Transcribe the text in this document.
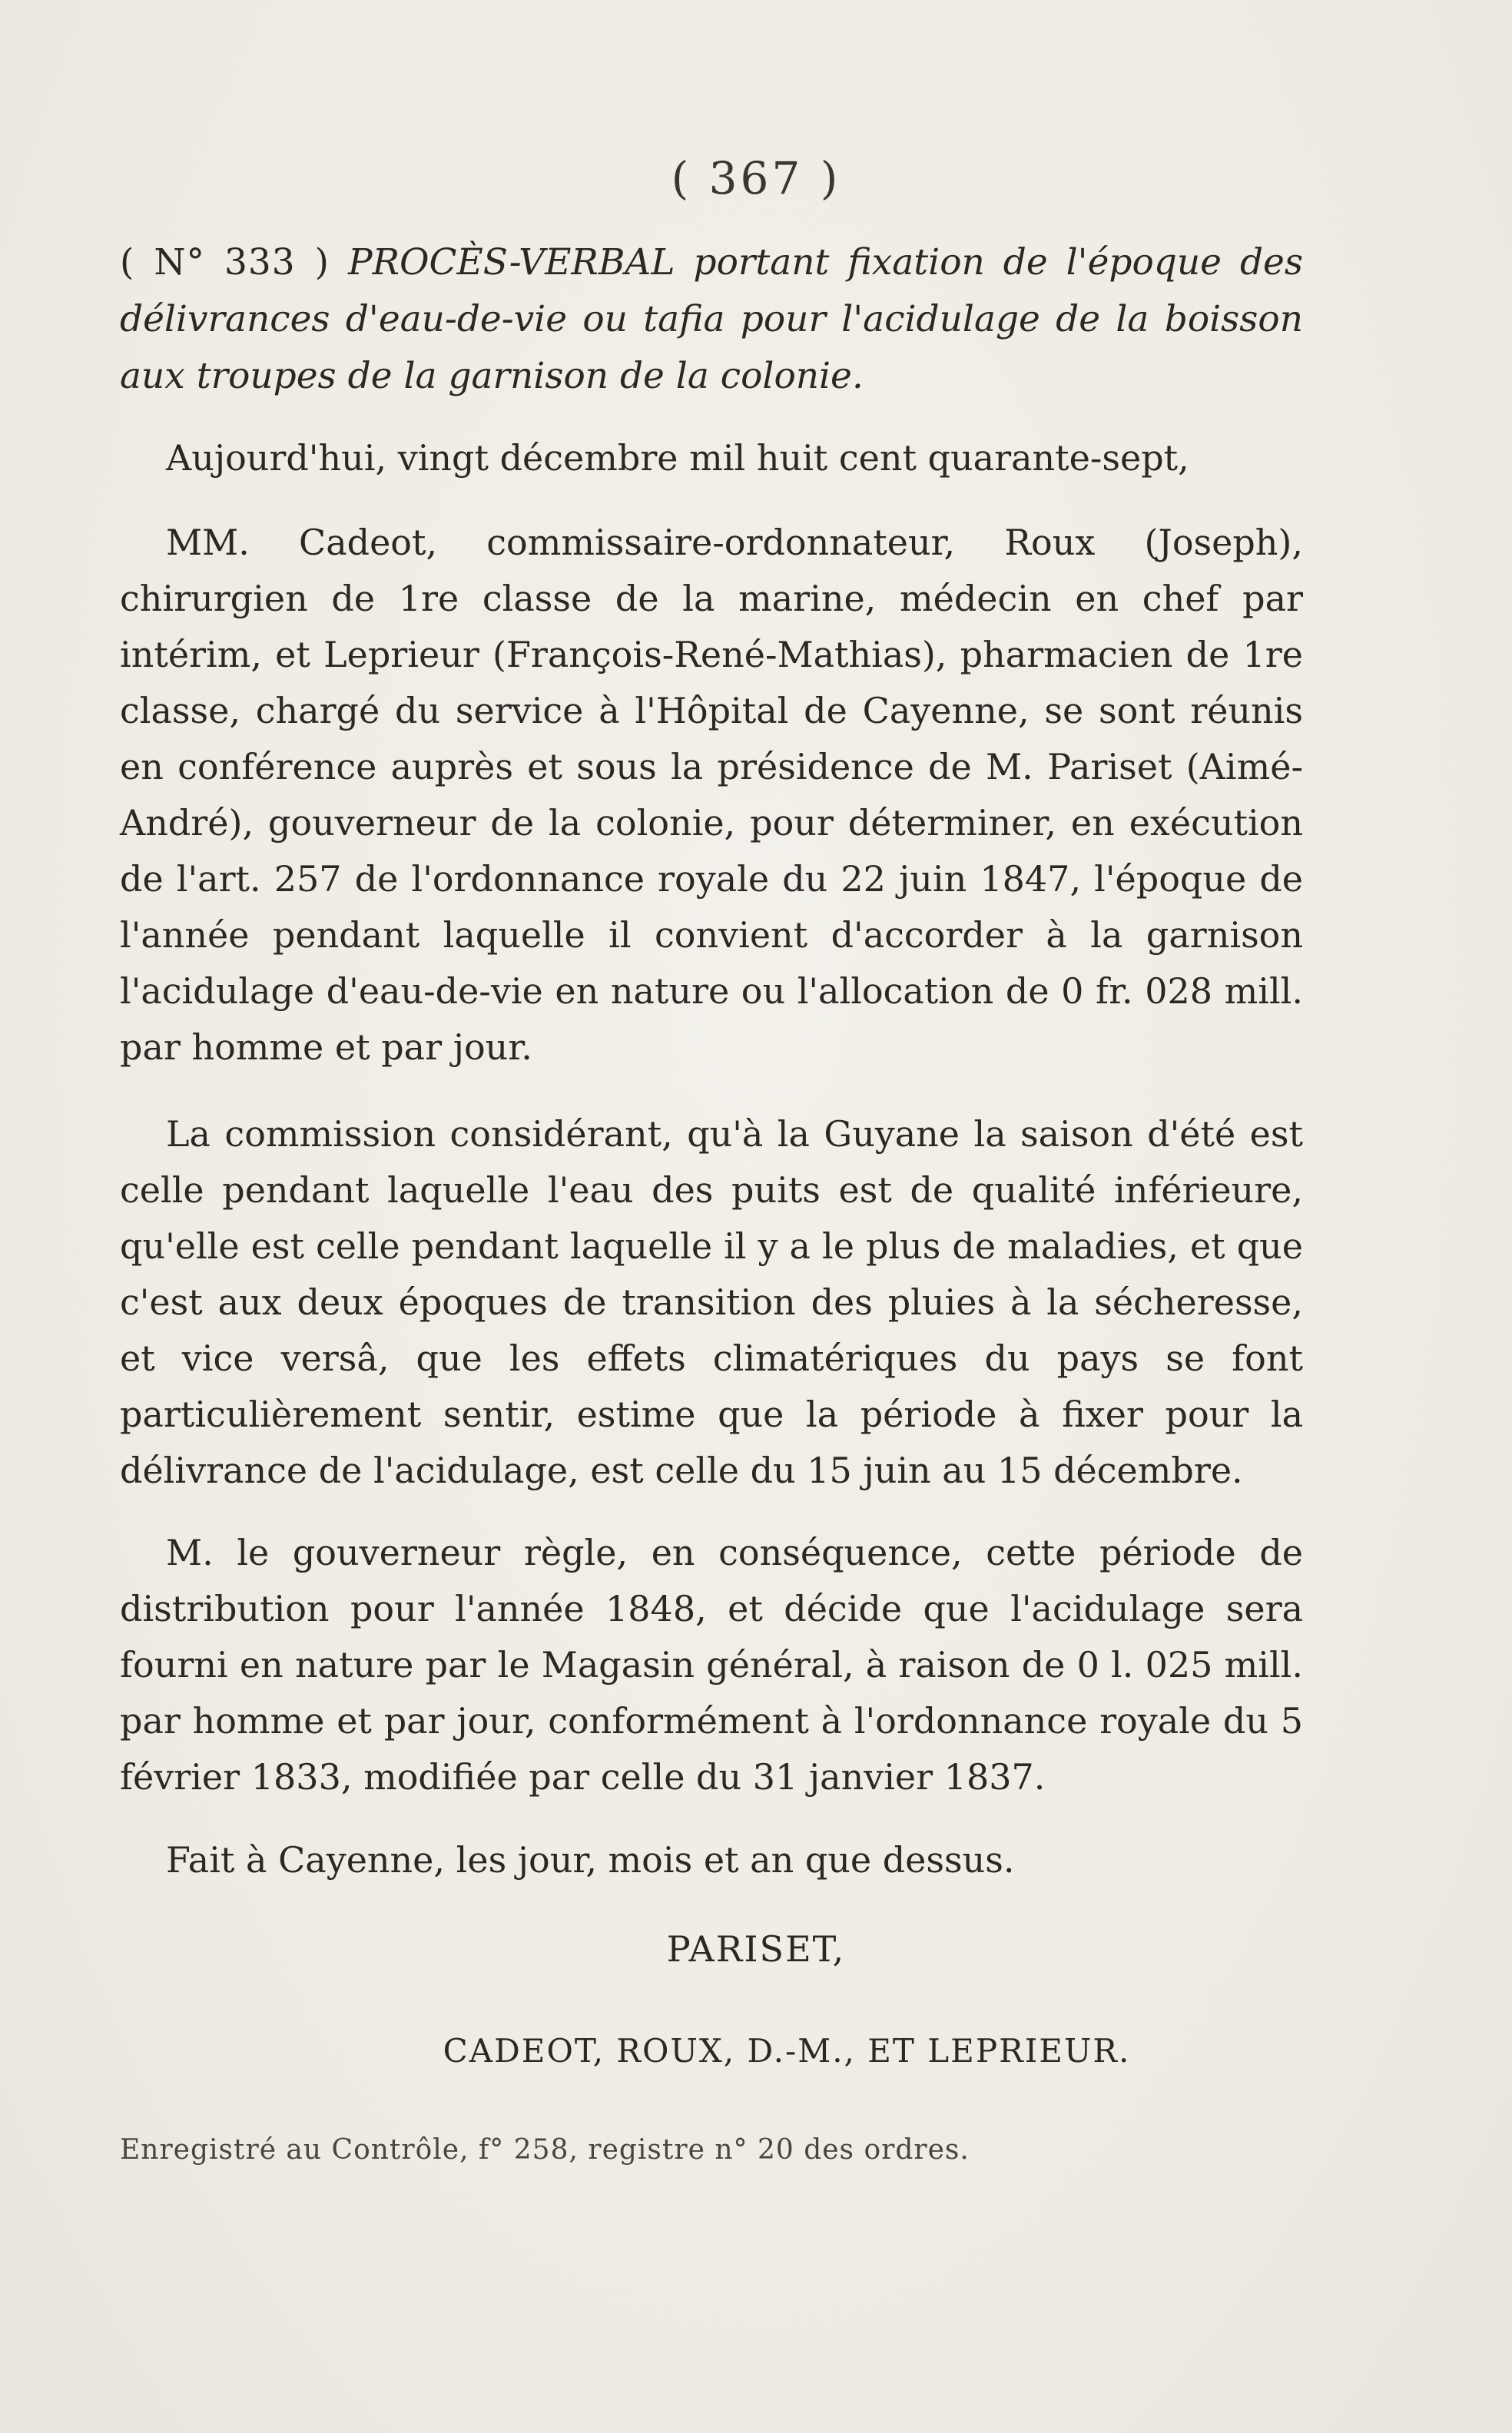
( 367 )
( N° 333 ) PROCÈS-VERBAL portant fixation de l'époque des délivrances d'eau-de-vie ou tafia pour l'acidulage de la boisson aux troupes de la garnison de la colonie.
Aujourd'hui, vingt décembre mil huit cent quarante-sept,
MM. Cadeot, commissaire-ordonnateur, Roux (Joseph), chirurgien de 1re classe de la marine, médecin en chef par intérim, et Leprieur (François-René-Mathias), pharmacien de 1re classe, chargé du service à l'Hôpital de Cayenne, se sont réunis en conférence auprès et sous la présidence de M. Pariset (Aimé-André), gouverneur de la colonie, pour déterminer, en exécution de l'art. 257 de l'ordonnance royale du 22 juin 1847, l'époque de l'année pendant laquelle il convient d'accorder à la garnison l'acidulage d'eau-de-vie en nature ou l'allocation de 0 fr. 028 mill. par homme et par jour.
La commission considérant, qu'à la Guyane la saison d'été est celle pendant laquelle l'eau des puits est de qualité inférieure, qu'elle est celle pendant laquelle il y a le plus de maladies, et que c'est aux deux époques de transition des pluies à la sécheresse, et vice versâ, que les effets climatériques du pays se font particulièrement sentir, estime que la période à fixer pour la délivrance de l'acidulage, est celle du 15 juin au 15 décembre.
M. le gouverneur règle, en conséquence, cette période de distribution pour l'année 1848, et décide que l'acidulage sera fourni en nature par le Magasin général, à raison de 0 l. 025 mill. par homme et par jour, conformément à l'ordonnance royale du 5 février 1833, modifiée par celle du 31 janvier 1837.
Fait à Cayenne, les jour, mois et an que dessus.
PARISET,
CADEOT, ROUX, D.-M., ET LEPRIEUR.
Enregistré au Contrôle, f° 258, registre n° 20 des ordres.
